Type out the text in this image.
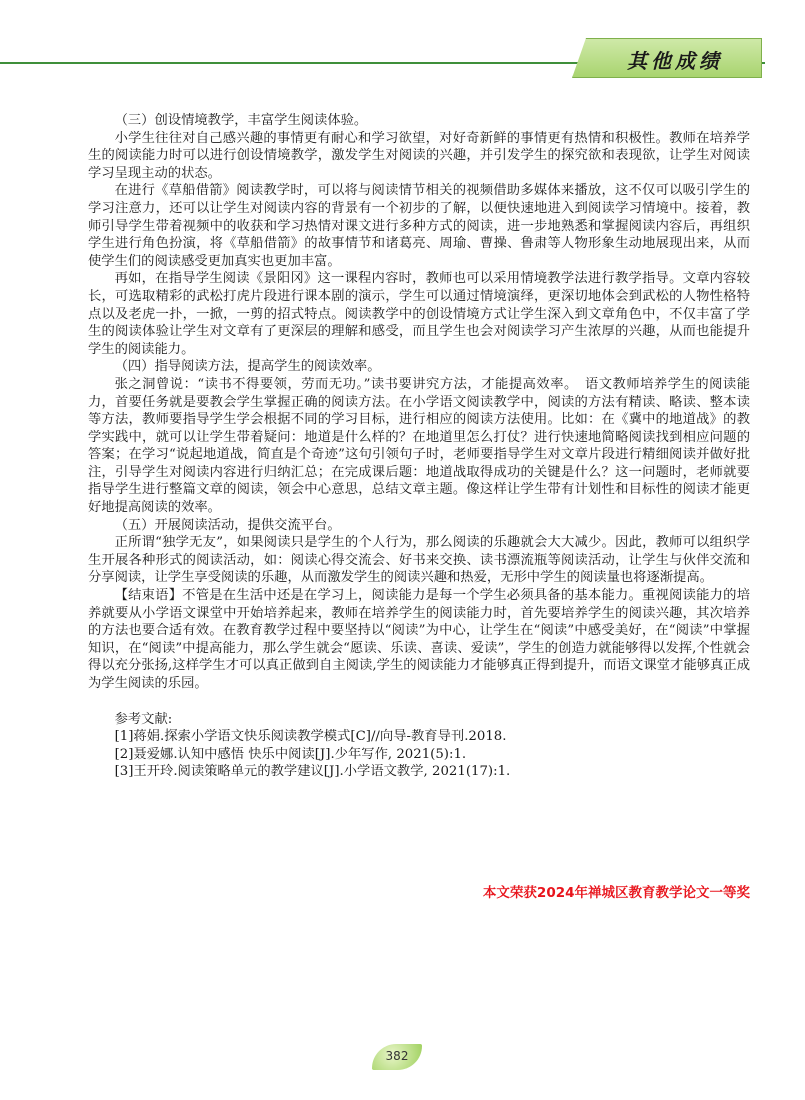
其他成绩

（三）创设情境教学，丰富学生阅读体验。

小学生往往对自己感兴趣的事情更有耐心和学习欲望，对好奇新鲜的事情更有热情和积极性。教师在培养学生的阅读能力时可以进行创设情境教学，激发学生对阅读的兴趣，并引发学生的探究欲和表现欲，让学生对阅读学习呈现主动的状态。

在进行《草船借箭》阅读教学时，可以将与阅读情节相关的视频借助多媒体来播放，这不仅可以吸引学生的学习注意力，还可以让学生对阅读内容的背景有一个初步的了解，以便快速地进入到阅读学习情境中。接着，教师引导学生带着视频中的收获和学习热情对课文进行多种方式的阅读，进一步地熟悉和掌握阅读内容后，再组织学生进行角色扮演，将《草船借箭》的故事情节和诸葛亮、周瑜、曹操、鲁肃等人物形象生动地展现出来，从而使学生们的阅读感受更加真实也更加丰富。

再如，在指导学生阅读《景阳冈》这一课程内容时，教师也可以采用情境教学法进行教学指导。文章内容较长，可选取精彩的武松打虎片段进行课本剧的演示，学生可以通过情境演绎，更深切地体会到武松的人物性格特点以及老虎一扑，一掀，一剪的招式特点。阅读教学中的创设情境方式让学生深入到文章角色中，不仅丰富了学生的阅读体验让学生对文章有了更深层的理解和感受，而且学生也会对阅读学习产生浓厚的兴趣，从而也能提升学生的阅读能力。

（四）指导阅读方法，提高学生的阅读效率。

张之洞曾说：“读书不得要领，劳而无功。”读书要讲究方法，才能提高效率。　语文教师培养学生的阅读能力，首要任务就是要教会学生掌握正确的阅读方法。在小学语文阅读教学中，阅读的方法有精读、略读、整本读等方法，教师要指导学生学会根据不同的学习目标，进行相应的阅读方法使用。比如：在《冀中的地道战》的教学实践中，就可以让学生带着疑问：地道是什么样的？在地道里怎么打仗？进行快速地简略阅读找到相应问题的答案；在学习“说起地道战，简直是个奇迹”这句引领句子时，老师要指导学生对文章片段进行精细阅读并做好批注，引导学生对阅读内容进行归纳汇总；在完成课后题：地道战取得成功的关键是什么？这一问题时，老师就要指导学生进行整篇文章的阅读，领会中心意思，总结文章主题。像这样让学生带有计划性和目标性的阅读才能更好地提高阅读的效率。

（五）开展阅读活动，提供交流平台。

正所谓“独学无友”，如果阅读只是学生的个人行为，那么阅读的乐趣就会大大减少。因此，教师可以组织学生开展各种形式的阅读活动，如：阅读心得交流会、好书来交换、读书漂流瓶等阅读活动，让学生与伙伴交流和分享阅读，让学生享受阅读的乐趣，从而激发学生的阅读兴趣和热爱，无形中学生的阅读量也将逐渐提高。

【结束语】不管是在生活中还是在学习上，阅读能力是每一个学生必须具备的基本能力。重视阅读能力的培养就要从小学语文课堂中开始培养起来，教师在培养学生的阅读能力时，首先要培养学生的阅读兴趣，其次培养的方法也要合适有效。在教育教学过程中要坚持以“阅读”为中心，让学生在“阅读”中感受美好，在“阅读”中掌握知识，在“阅读”中提高能力，那么学生就会“愿读、乐读、喜读、爱读”，学生的创造力就能够得以发挥,个性就会得以充分张扬,这样学生才可以真正做到自主阅读,学生的阅读能力才能够真正得到提升，而语文课堂才能够真正成为学生阅读的乐园。

参考文献:

[1]蒋娟.探索小学语文快乐阅读教学模式[C]//向导-教育导刊.2018.

[2]聂爱娜.认知中感悟 快乐中阅读[J].少年写作, 2021(5):1.

[3]王开玲.阅读策略单元的教学建议[J].小学语文教学, 2021(17):1.

本文荣获2024年禅城区教育教学论文一等奖
382
